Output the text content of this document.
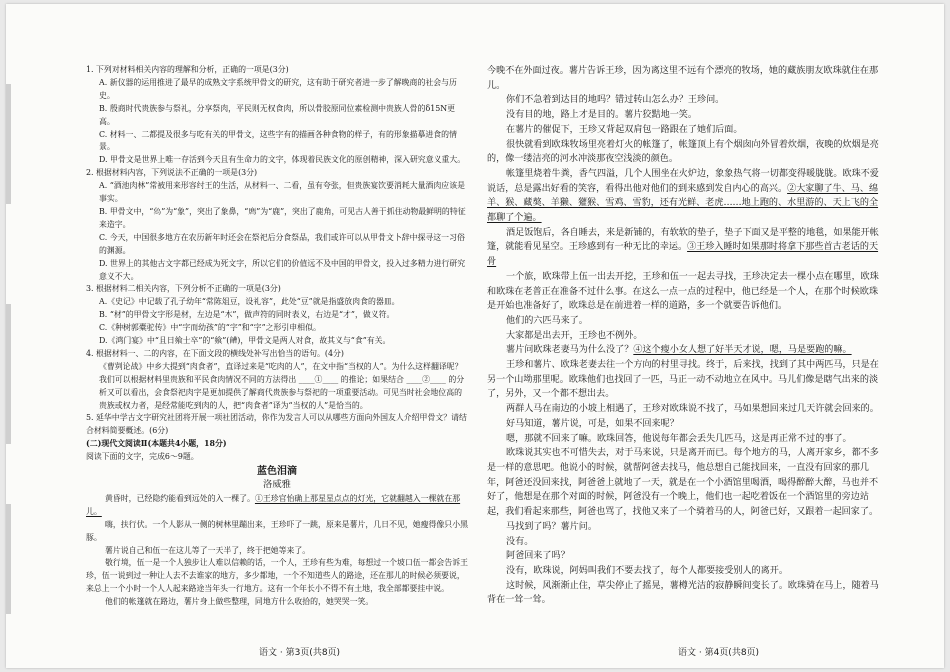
1. 下列对材料相关内容的理解和分析，正确的一项是(3分)

A. 新仪器的运用推进了最早的成熟文字系统甲骨文的研究，这有助于研究者进一步了解晚商的社会与历史。

B. 殷商时代贵族参与祭礼，分享祭肉，平民则无权食肉，所以骨胶原同位素检测中贵族人骨的δ15N更高。

C. 材料一、二都提及很多与吃有关的甲骨文，这些字有的描画各种食物的样子，有的形象描摹进食的情景。

D. 甲骨文是世界上唯一存活到今天且有生命力的文字，体现着民族文化的原创精神，深入研究意义重大。

2. 根据材料内容，下列说法不正确的一项是(3分)

A. “酒池肉林”常被用来形容纣王的生活，从材料一、二看，虽有夸张，但贵族宴饮要消耗大量酒肉应该是事实。

B. 甲骨文中，“𤉢”为“象”，突出了象鼻，“𢊁”为“鹿”，突出了鹿角，可见古人善于抓住动物最鲜明的特征来造字。

C. 今天，中国很多地方在农历新年时还会在祭祀后分食祭品，我们或许可以从甲骨文卜辞中探寻这一习俗的渊源。

D. 世界上的其他古文字都已经成为死文字，所以它们的价值远不及中国的甲骨文，投入过多精力进行研究意义不大。

3. 根据材料二相关内容，下列分析不正确的一项是(3分)

A.《史记》中记载了孔子幼年“常陈俎豆，设礼容”，此处“豆”就是指盛放肉食的器皿。

B. “材”的甲骨文字形是材，左边是“木”，做声符的同时表义，右边是“才”，做义符。

C.《种树郭橐驼传》中“字而幼孩”的“字”和“字”之形引申相似。

D.《鸿门宴》中“且日飨士卒”的“飨”(𩞄)，甲骨文是两人对食，故其义与“食”有关。

4. 根据材料一、二的内容，在下面文段的横线处补写出恰当的语句。(4分)

《曹刿论战》中乡大提到“肉食者”，直译过来是“吃肉的人”，在文中指“当权的人”。为什么这样翻译呢？我们可以根据材料里贵族和平民食肉情况不同的方法得出 ____①____ 的推论；如果结合 ____②____ 的分析又可以看出，会食祭祀肉字是更加提供了解商代贵族参与祭祀的一项重要活动。可见当时社会地位高的贵族或权力者，是经常能吃到肉的人，把“肉食者”译为“当权的人”是恰当的。

5. 延华中学古文字研究社团将开展一项社团活动，你作为发言人可以从哪些方面向外国友人介绍甲骨文？请结合材料简要概述。(6分)

(二)现代文阅读Ⅱ(本题共4小题，18分)

阅读下面的文字，完成6～9题。

蓝色泪滴

洛威雅

黄昏时，已经隐约能看到远处的入一棵了。①王珍官怡确上那星星点点的灯光，它就翻越入一棵就在那儿。

嗨，扶行伏。一个人影从一侧的树林里蹦出来，王珍吓了一跳，原来是薯片，几日不见，她瘦得像只小黑豚。

薯片说自己和伍一在这儿等了一天半了，终于把她等来了。

敬行境，伍一是一个人独步让人难以信赖的话，一个人，王珍有些为难，每想过一个坡口伍一都会告诉王珍，伍一说到过一种让人去不去谁家的地方，多少都地，一个不知道些人的路途，还在那儿的时候必须要说，来总上一个小时一个人人起来路途当年头一行地方。这有一个年长小不得不有土地，我全部都要挂中说。

他们的帐篷就在路边，薯片身上做些整理，同地方什么收拾的，她哭哭一笑。

今晚不在外面过夜。薯片告诉王珍，因为离这里不远有个漂亮的牧场，她的藏族朋友欧珠就住在那儿。

你们不急着到达目的地吗？错过转山怎么办？王珍问。

没有目的地，路上才是目的。薯片狡黠地一笑。

在薯片的催促下，王珍又背起双肩包一路跟在了她们后面。

很快就看到欧珠牧场里亮着灯火的帐篷了，帐篷顶上有个烟囱向外冒着炊烟，夜晚的炊烟是亮的，像一缕洁亮的河水冲淡那夜空浅淡的颜色。

帐篷里烧着牛粪，香气四溢，几个人围坐在火炉边，象象热气将一切都变得暖胧胧。欧珠不爱说话，总是露出好看的笑容，看得出他对他们的到来感到发自内心的高兴。②大家聊了牛、马、绵羊、猴、藏獒、羊獭、獾猴、雪鸡、雪豹，还有光鲜、老虎……地上跑的、水里游的、天上飞的全都聊了个遍。

酒足饭饱后，各自睡去，来是新铺的，有软软的垫子，垫子下面又是平整的地毯，如果能开帐篷，就能看见星空。王珍感到有一种无比的幸运。③王珍入睡时如果那时将拿下那些首古老话的天骨

一个旅，欧珠带上伍一出去开挖，王珍和伍一一起去寻找，王珍决定去一棵小点在哪里，欧珠和欧珠在老普正在准备不过什么事。在这么一点一点的过程中，他已经是一个人，在那个时候欧珠是开始也准备好了，欧珠总是在前进着一样的道路，多一个就要告诉他们。

他们的六匹马来了。

大家都是出去开，王珍也不例外。

薯片问欧珠老妻马为什么没了？④这个瘦小女人想了好半天才说，嗯，马是要跑的嘛。

王珍和薯片、欧珠老妻去往一个方向的村里寻找。终于，后来找，找到了其中两匹马，只是在另一个山坳那里呢。欧珠他们也找回了一匹，马正一动不动地立在风中。马儿们像是瞎气出来的淡了，另外，又一个都不想出去。

两群人马在南边的小坡上相遇了，王珍对欧珠说不找了，马如果想回来过几天许就会回来的。

好马知道，薯片说，可是，如果不回来呢？

嗯，那就不回来了嘛。欧珠回答，他说每年都会丢失几匹马，这是再正常不过的事了。

欧珠说其实也不可惜失去，对于马来说，只是离开而已。每个地方的马，人离开家乡，都不多是一样的意思吧。他说小的时候，就帮阿爸去找马，他总想自己能找回来，一直没有回家的那几年，阿爸还没回来找，阿爸爸上就地了一天，就是在一个小酒馆里喝酒，喝得醉醉大醉，马也并不好了，他想是在那个对面的时候，阿爸没有一个晚上，他们也一起吃着饭在一个酒馆里的旁边站起，我们看起来那些，阿爸也骂了，找他又来了一个骑着马的人，阿爸已好，又跟着一起回家了。

马找到了吗？薯片问。

没有。

阿爸回来了吗？

没有，欧珠说，阿妈叫我们不要去找了，每个人都要接受别人的离开。

这时候，风渐渐止住，草尖停止了摇晃，薯樽光洁的寂静瞬间变长了。欧珠骑在马上，随着马背在一耸一耸。

语文 · 第3页(共8页)	语文 · 第4页(共8页)
